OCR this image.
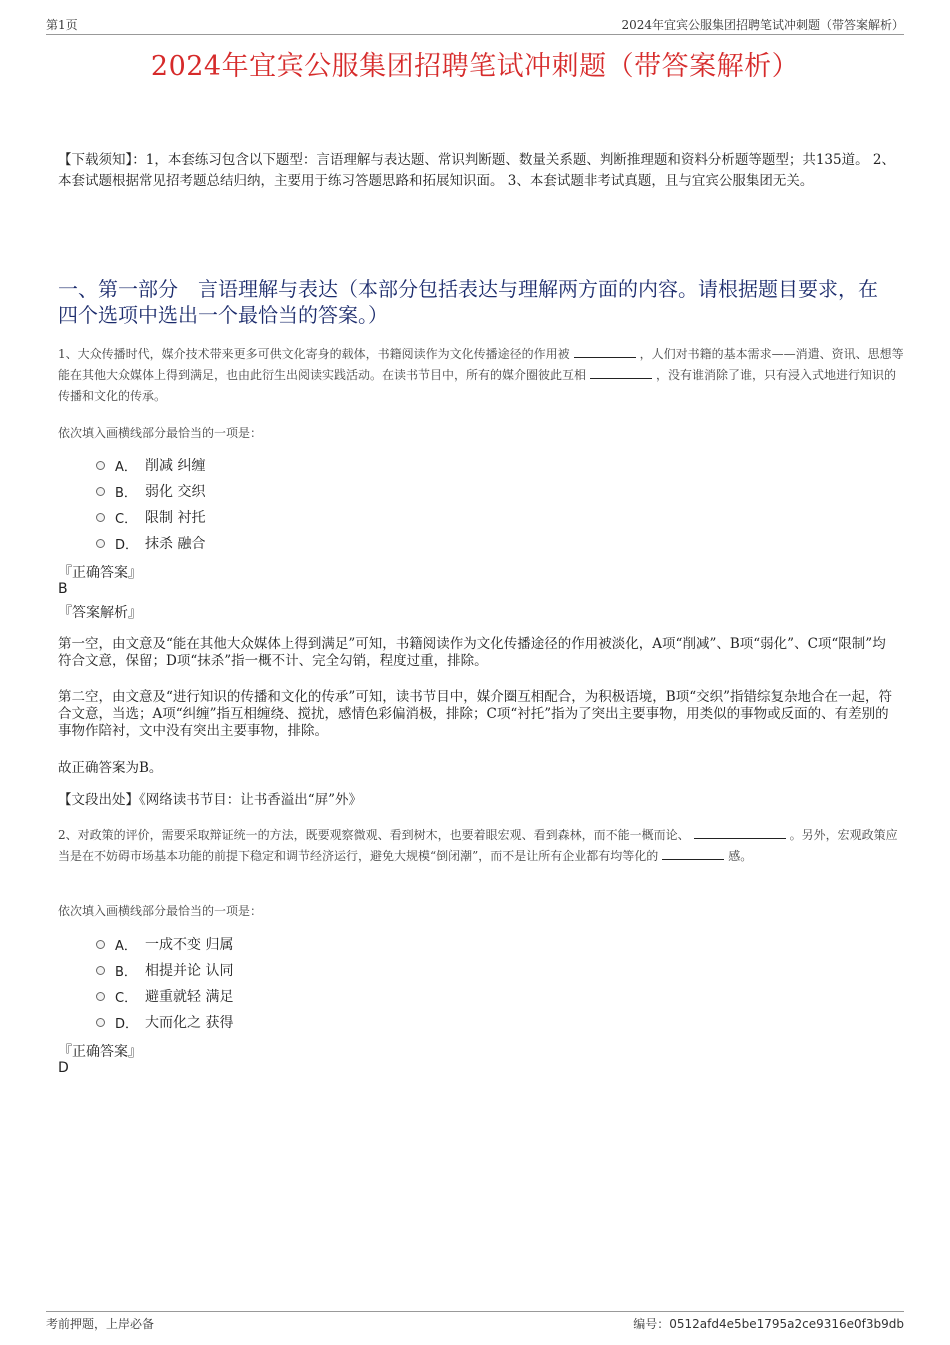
第1页	2024年宜宾公服集团招聘笔试冲刺题（带答案解析）
2024年宜宾公服集团招聘笔试冲刺题（带答案解析）
【下载须知】：1，本套练习包含以下题型：言语理解与表达题、常识判断题、数量关系题、判断推理题和资料分析题等题型；共135道。 2、本套试题根据常见招考题总结归纳，主要用于练习答题思路和拓展知识面。 3、本套试题非考试真题，且与宜宾公服集团无关。
一、第一部分　言语理解与表达（本部分包括表达与理解两方面的内容。请根据题目要求，在四个选项中选出一个最恰当的答案。）
1、大众传播时代，媒介技术带来更多可供文化寄身的载体，书籍阅读作为文化传播途径的作用被	，人们对书籍的基本需求——消遣、资讯、思想等能在其他大众媒体上得到满足，也由此衍生出阅读实践活动。在读书节目中，所有的媒介圈彼此互相	，没有谁消除了谁，只有浸入式地进行知识的传播和文化的传承。
依次填入画横线部分最恰当的一项是：
A． 削减 纠缠
B． 弱化 交织
C． 限制 衬托
D． 抹杀 融合
『正确答案』
B
『答案解析』
第一空，由文意及“能在其他大众媒体上得到满足”可知，书籍阅读作为文化传播途径的作用被淡化，A项“削减”、B项“弱化”、C项“限制”均符合文意，保留；D项“抹杀”指一概不计、完全勾销，程度过重，排除。
第二空，由文意及“进行知识的传播和文化的传承”可知，读书节目中，媒介圈互相配合，为积极语境，B项“交织”指错综复杂地合在一起，符合文意，当选；A项“纠缠”指互相缠绕、搅扰，感情色彩偏消极，排除；C项“衬托”指为了突出主要事物，用类似的事物或反面的、有差别的事物作陪衬，文中没有突出主要事物，排除。
故正确答案为B。
【文段出处】《网络读书节目：让书香溢出“屏”外》
2、对政策的评价，需要采取辩证统一的方法，既要观察微观、看到树木，也要着眼宏观、看到森林，而不能一概而论、	。另外，宏观政策应当是在不妨碍市场基本功能的前提下稳定和调节经济运行，避免大规模“倒闭潮”，而不是让所有企业都有均等化的	感。
依次填入画横线部分最恰当的一项是：
A． 一成不变 归属
B． 相提并论 认同
C． 避重就轻 满足
D． 大而化之 获得
『正确答案』
D
考前押题，上岸必备	编号：0512afd4e5be1795a2ce9316e0f3b9db
